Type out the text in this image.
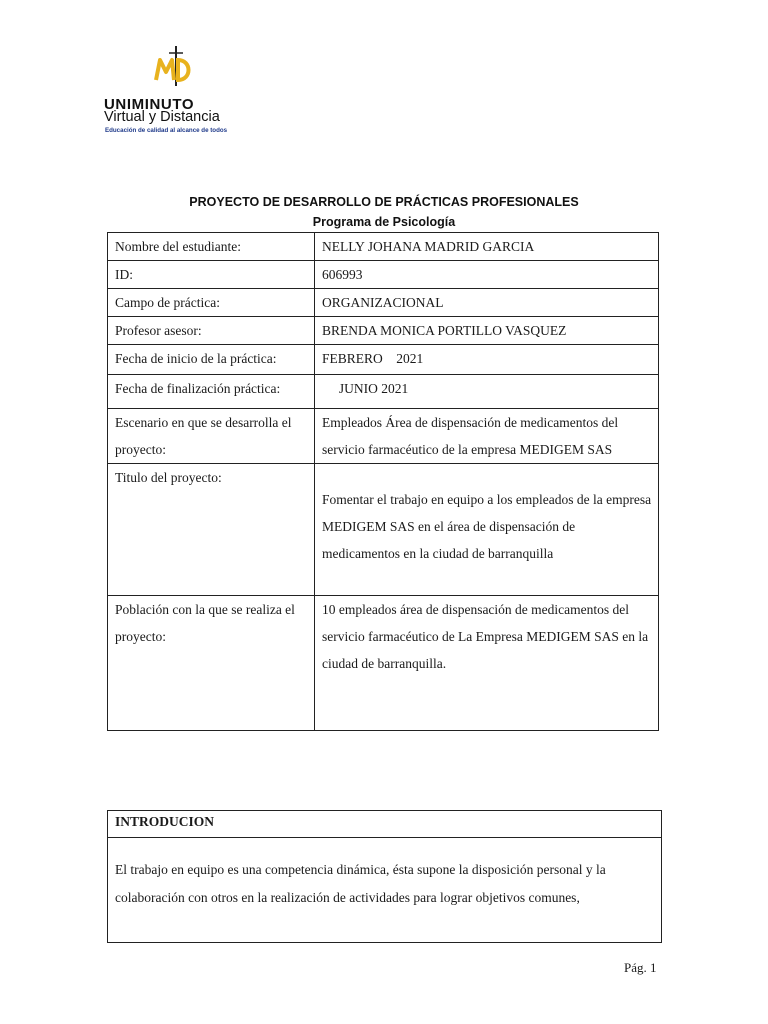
UNIMINUTO
Virtual y Distancia
Educación de calidad al alcance de todos
PROYECTO DE DESARROLLO DE PRÁCTICAS PROFESIONALES
Programa de Psicología
Nombre del estudiante:	NELLY JOHANA MADRID GARCIA
ID:	606993
Campo de práctica:	ORGANIZACIONAL
Profesor asesor:	BRENDA MONICA PORTILLO VASQUEZ
Fecha de inicio de la práctica:	FEBRERO    2021
Fecha de finalización práctica:	JUNIO 2021
Escenario en que se desarrolla el proyecto:	Empleados Área de dispensación de medicamentos del servicio farmacéutico de la empresa MEDIGEM SAS
Titulo del proyecto:	Fomentar el trabajo en equipo a los empleados de la empresa MEDIGEM SAS en el área de dispensación de medicamentos en la ciudad de barranquilla
Población con la que se realiza el proyecto:	10 empleados área de dispensación de medicamentos del servicio farmacéutico de La Empresa MEDIGEM SAS en la ciudad de barranquilla.
INTRODUCION
El trabajo en equipo es una competencia dinámica, ésta supone la disposición personal y la colaboración con otros en la realización de actividades para lograr objetivos comunes,
Pág. 1
